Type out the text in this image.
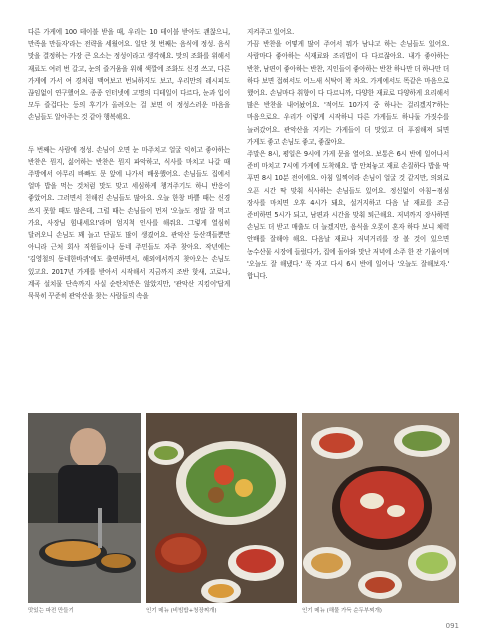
다른 가게에 100 테이블 받을 때, 우리는 10 테이블 받아도 괜찮으니, 만족을 만들자'라는 전략을 세웠어요. 일단 첫 번째는 음식에 정성. 음식 맛을 결정하는 가장 큰 요소는 정성이라고 생각해요. 맛의 조화를 위해서 재료도 여러 번 갈고, 눈의 즐거움을 위해 색깔에 조화도 신경 쓰고, 다른 가게에 가서 여 경처럼 맥여보고 번뇌하지도 보고, 우리만의 레시피도 끊임없이 연구했어요. 종종 인터넷에 고명의 디테일이 다르다, 눈과 입이 모두 즐겁다는 등의 후기가 올려오는 걸 보면 이 정성스러운 마음을 손님들도 알아주는 것 같아 행복해요.

두 번째는 사람에 정성. 손님이 오면 눈 마주치고 얼굴 익히고 좋아하는 반찬은 뭔지, 싫어하는 반찬은 뭔지 파악하고, 식사를 마치고 나갈 때 주방에서 아무리 바빠도 문 앞에 나가서 배웅했어요. 손님들도 집에서 얼마 밥을 먹는 것처럼 맛도 맞고 세심하게 챙겨주기도 하니 반응이 좋았어요. 그러면서 친해진 손님들도 많아요. 오늘 한창 바쁠 때는 신경 쓰지 못할 때도 많은데, 그럴 때는 손님들이 먼저 '오늘도 정말 잘 먹고 가요, 사장님 힘내세요!'라며 엄지척 인사를 해줘요. 그렇게 열심히 달려오니 손님도 꽤 늘고 단골도 많이 생겼어요. 관악산 등산객들뿐만 아니라 근처 회사 직원들이나 동네 주민들도 자주 찾아요. 작년에는 '김영철의 동네한바퀴'에도 출연하면서, 해외에서까지 찾아오는 손님도 있고요. 2017년 가게를 받아서 시작해서 지금까지 조반 핫새, 고로나, 계곡 설치물 단속까지 사실 순탄치만은 않았지만, '관악산 지킴이'답게 묵묵히 꾸준히 관악산을 찾는 사람들의 속을

지켜주고 있어요.

가끔 반찬을 어떻게 많이 주어서 뭐가 남냐고 하는 손님들도 있어요. 사람마다 좋아하는 식재료와 조리법이 다 다르잖아요. 내가 좋아하는 반찬, 남편이 좋아하는 반찬, 지인들이 좋아하는 반찬 하나만 더 하나만 더 하다 보면 접혀서도 어느새 식탁이 꽉 차요. 가게에서도 똑같은 마음으로 했어요. 손님마다 취향이 다 다르니까, 다양한 재료로 다양하게 요리해서 많은 반찬을 내어놨어요. '적어도 10가지 중 하나는 걸리겠지?'하는 마음으로요. 우리가 이렇게 시작하니 다른 가게들도 하나둘 가짓수를 늘려갔어요. 관악산을 지키는 가게들이 더 맛있고 더 푸짐해져 되면 가게도 좋고 손님도 좋고, 좋잖아요.

주말은 8시, 평일은 9시에 가게 문을 열어요. 보통은 6시 반에 일어나서 준비 마치고 7시에 가게에 도착해요. 밥 안쳐놓고 재료 손질하다 밥을 딱 푸면 8시 10분 전이에요. 아침 일찍이라 손님이 얼굴 것 같지만, 의외로 오픈 시간 딱 맞춰 식사하는 손님들도 있어요. 정신없이 아침~점심 장사를 마치면 오후 4시가 돼요, 설거지하고 다음 날 재료를 조금 준비하면 5시가 되고, 남편과 시간을 맞춰 퇴근해요. 저녁까지 장사하면 손님도 더 받고 매출도 더 늘겠지만, 음식을 오롯이 혼자 하다 보니 체력 안배를 잘해야 해요. 다음날 재료나 저녁거리를 장 볼 것이 있으면 농수산물 시장에 들렀다가, 집에 돌아와 맛난 저녁에 소주 한 잔 기울이며 '오늘도 잘 해냈다.' 푹 자고 다시 6시 반에 일어나 '오늘도 잘해보자.' 합니다.

맛있는 파전 만들기	인기 메뉴 (비빔밥+청장찌개)	인기 메뉴 (해물 가득 순두부찌개)
091
